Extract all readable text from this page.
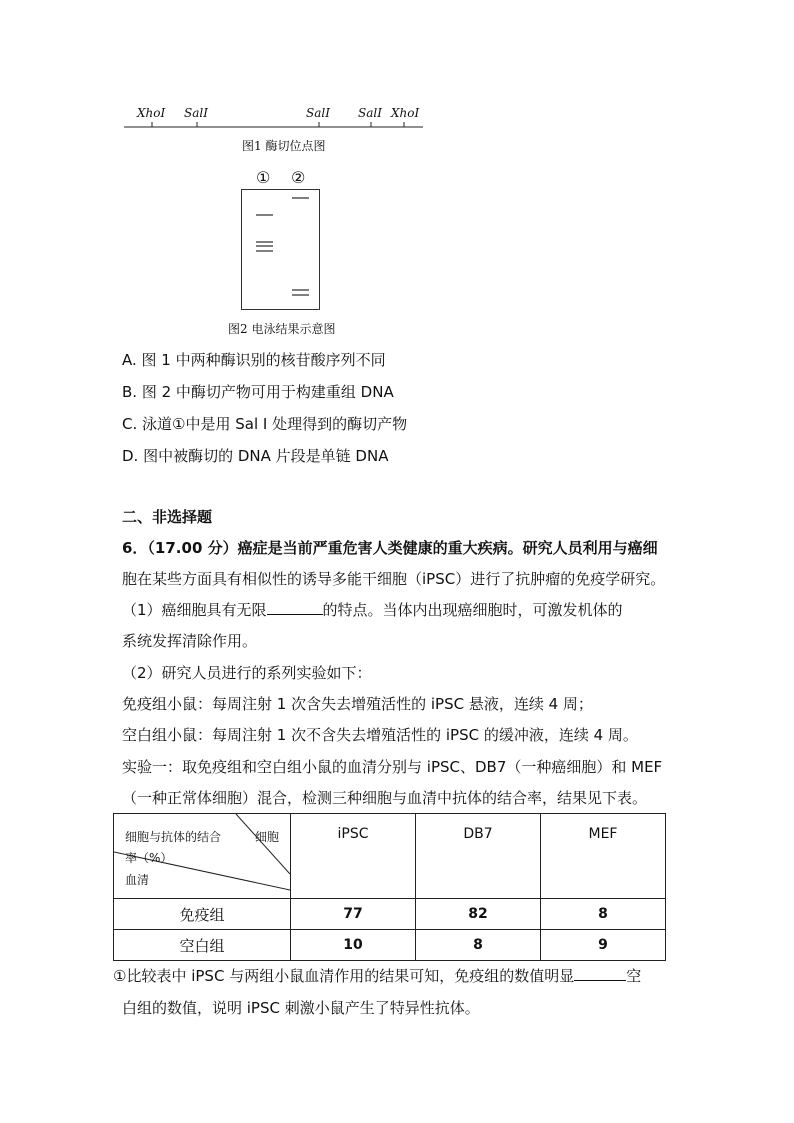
XhoⅠ SalⅠ	SalⅠ SalⅠ XhoⅠ
图1 酶切位点图
① ②
图2 电泳结果示意图
A. 图 1 中两种酶识别的核苷酸序列不同
B. 图 2 中酶切产物可用于构建重组 DNA
C. 泳道①中是用 Sal I 处理得到的酶切产物
D. 图中被酶切的 DNA 片段是单链 DNA
二、非选择题
6．（17.00 分）癌症是当前严重危害人类健康的重大疾病。研究人员利用与癌细
胞在某些方面具有相似性的诱导多能干细胞（iPSC）进行了抗肿瘤的免疫学研究。
（1）癌细胞具有无限	的特点。当体内出现癌细胞时，可激发机体的
系统发挥清除作用。
（2）研究人员进行的系列实验如下：
免疫组小鼠：每周注射 1 次含失去增殖活性的 iPSC 悬液，连续 4 周；
空白组小鼠：每周注射 1 次不含失去增殖活性的 iPSC 的缓冲液，连续 4 周。
实验一：取免疫组和空白组小鼠的血清分别与 iPSC、DB7（一种癌细胞）和 MEF
（一种正常体细胞）混合，检测三种细胞与血清中抗体的结合率，结果见下表。
细胞与抗体的结合
率（%）
细胞
血清	iPSC	DB7	MEF
免疫组	77	82	8
空白组	10	8	9
①比较表中 iPSC 与两组小鼠血清作用的结果可知，免疫组的数值明显	空
白组的数值，说明 iPSC 刺激小鼠产生了特异性抗体。
